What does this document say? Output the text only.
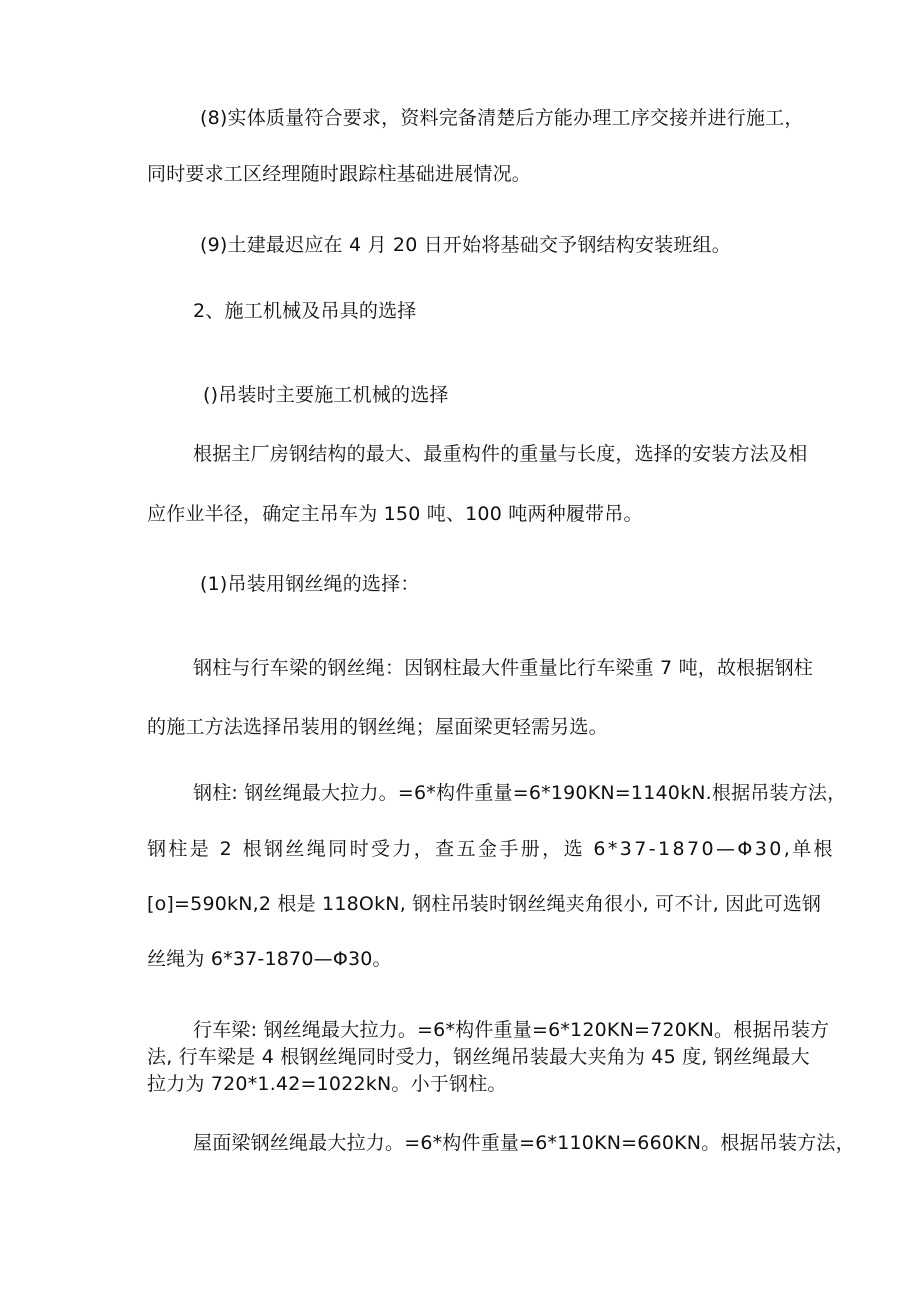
(8)实体质量符合要求，资料完备清楚后方能办理工序交接并进行施工，
同时要求工区经理随时跟踪柱基础进展情况。
(9)土建最迟应在 4 月 20 日开始将基础交予钢结构安装班组。
2、施工机械及吊具的选择
()吊装时主要施工机械的选择
根据主厂房钢结构的最大、最重构件的重量与长度，选择的安装方法及相
应作业半径，确定主吊车为 150 吨、100 吨两种履带吊。
(1)吊装用钢丝绳的选择：
钢柱与行车梁的钢丝绳：因钢柱最大件重量比行车梁重 7 吨，故根据钢柱
的施工方法选择吊装用的钢丝绳；屋面梁更轻需另选。
钢柱: 钢丝绳最大拉力。=6*构件重量=6*190KN=1140kN.根据吊装方法，
钢柱是 2 根钢丝绳同时受力，查五金手册，选 6*37-1870—Φ30,单根
[o]=590kN,2 根是 118OkN, 钢柱吊装时钢丝绳夹角很小, 可不计, 因此可选钢
丝绳为 6*37-1870—Φ30。
行车梁: 钢丝绳最大拉力。=6*构件重量=6*120KN=720KN。根据吊装方
法, 行车梁是 4 根钢丝绳同时受力，钢丝绳吊装最大夹角为 45 度, 钢丝绳最大
拉力为 720*1.42=1022kN。小于钢柱。
屋面梁钢丝绳最大拉力。=6*构件重量=6*110KN=660KN。根据吊装方法，
